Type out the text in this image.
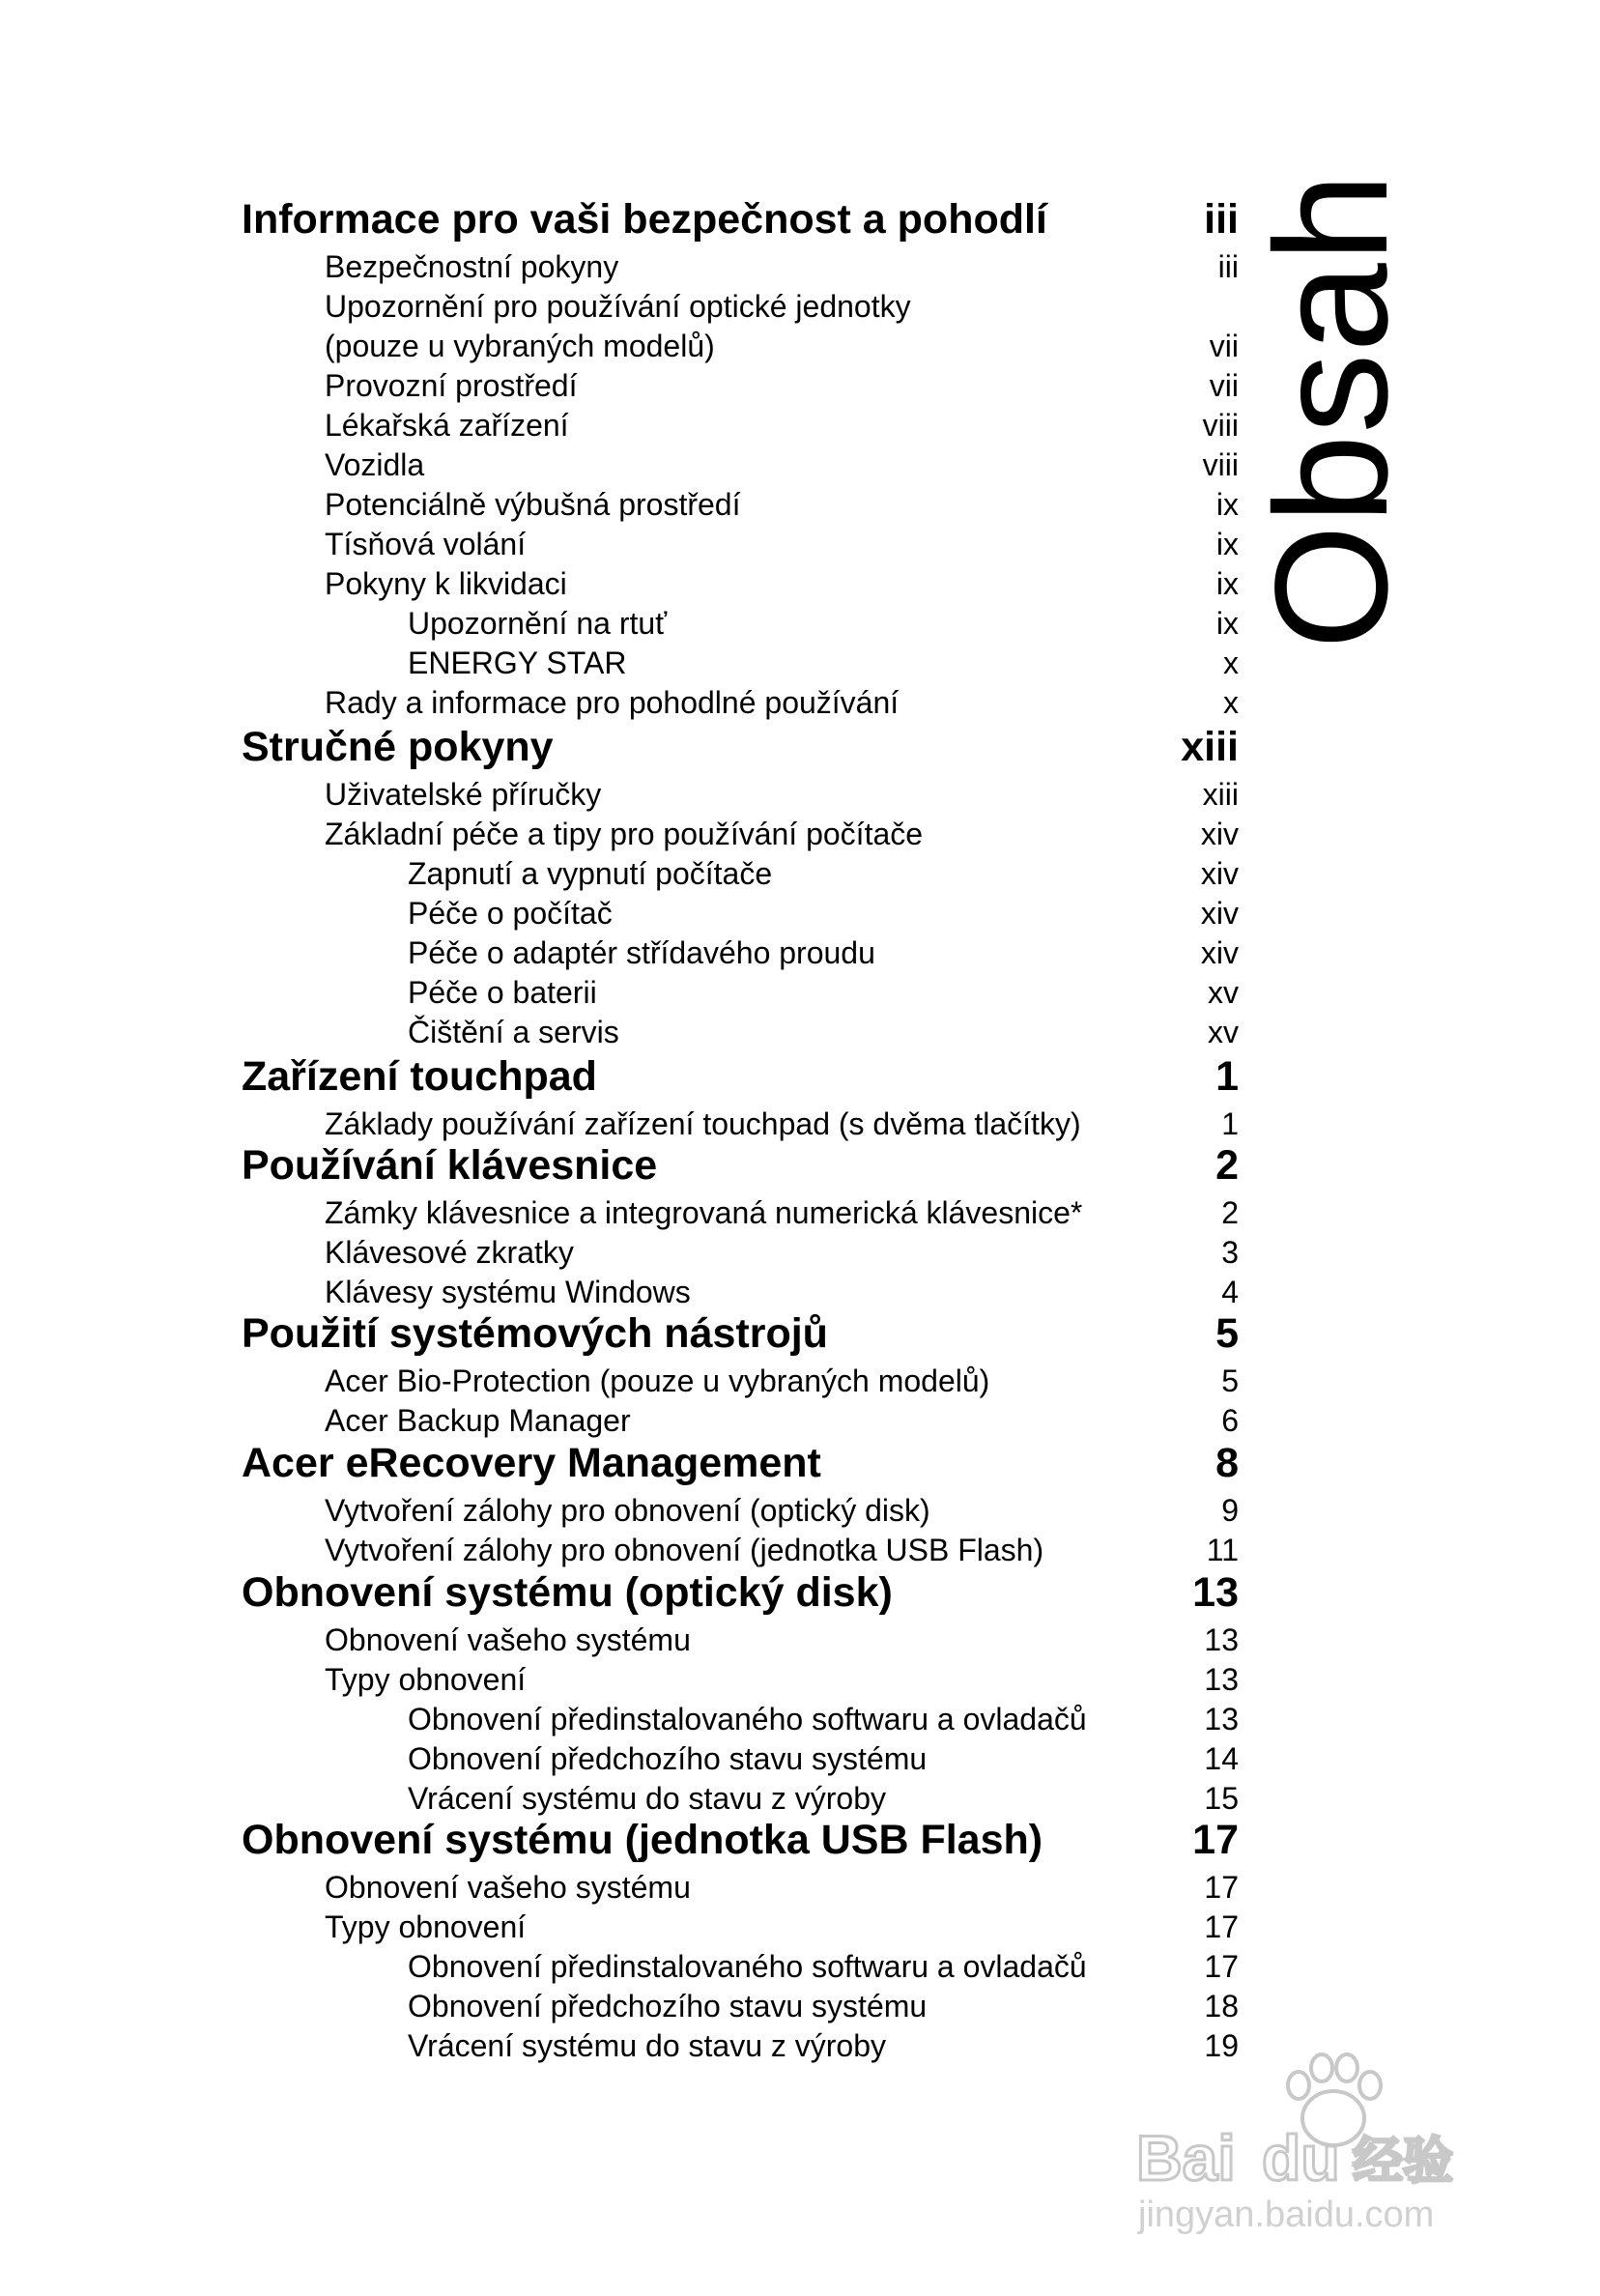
Informace pro vaši bezpečnost a pohodlí	iii
Bezpečnostní pokyny	iii
Upozornění pro používání optické jednotky
(pouze u vybraných modelů)	vii
Provozní prostředí	vii
Lékařská zařízení	viii
Vozidla	viii
Potenciálně výbušná prostředí	ix
Tísňová volání	ix
Pokyny k likvidaci	ix
Upozornění na rtuť	ix
ENERGY STAR	x
Rady a informace pro pohodlné používání	x
Stručné pokyny	xiii
Uživatelské příručky	xiii
Základní péče a tipy pro používání počítače	xiv
Zapnutí a vypnutí počítače	xiv
Péče o počítač	xiv
Péče o adaptér střídavého proudu	xiv
Péče o baterii	xv
Čištění a servis	xv
Zařízení touchpad	1
Základy používání zařízení touchpad (s dvěma tlačítky)	1
Používání klávesnice	2
Zámky klávesnice a integrovaná numerická klávesnice*	2
Klávesové zkratky	3
Klávesy systému Windows	4
Použití systémových nástrojů	5
Acer Bio-Protection (pouze u vybraných modelů)	5
Acer Backup Manager	6
Acer eRecovery Management	8
Vytvoření zálohy pro obnovení (optický disk)	9
Vytvoření zálohy pro obnovení (jednotka USB Flash)	11
Obnovení systému (optický disk)	13
Obnovení vašeho systému	13
Typy obnovení	13
Obnovení předinstalovaného softwaru a ovladačů	13
Obnovení předchozího stavu systému	14
Vrácení systému do stavu z výroby	15
Obnovení systému (jednotka USB Flash)	17
Obnovení vašeho systému	17
Typy obnovení	17
Obnovení předinstalovaného softwaru a ovladačů	17
Obnovení předchozího stavu systému	18
Vrácení systému do stavu z výroby	19
Obsah
Bai du 经验
jingyan.baidu.com
